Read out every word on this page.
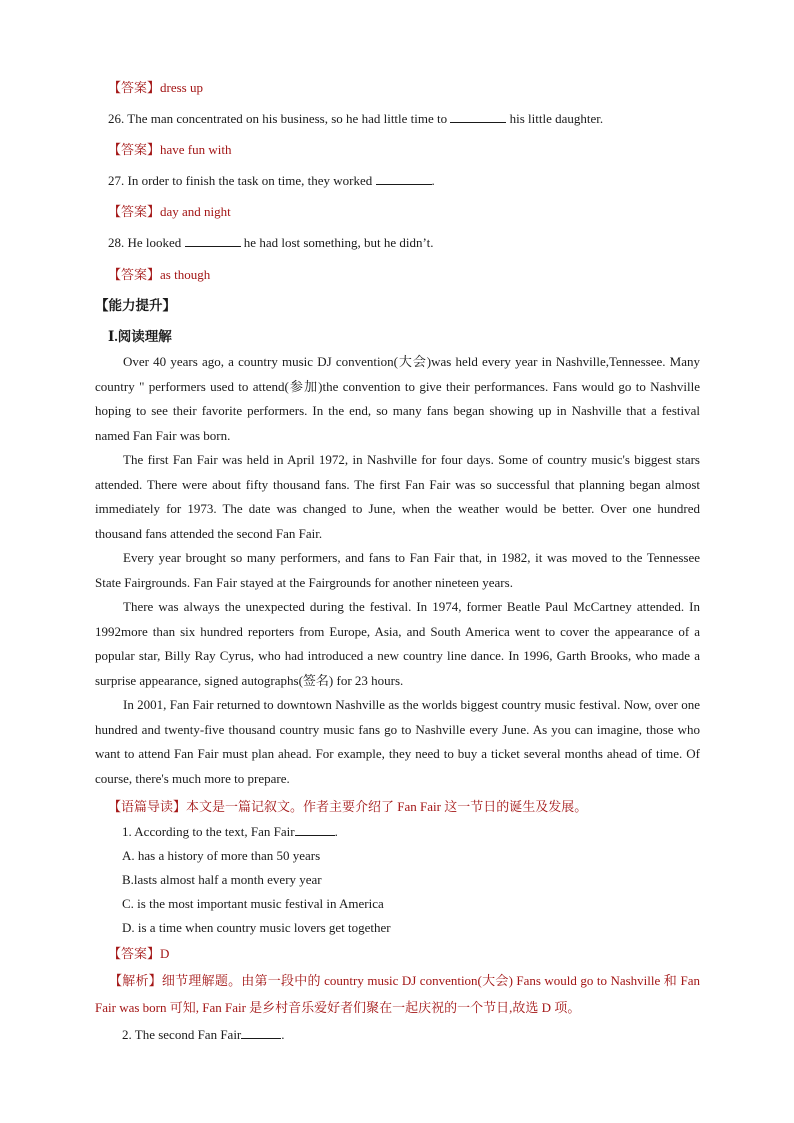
【答案】dress up
26. The man concentrated on his business, so he had little time to	his little daughter.
【答案】have fun with
27. In order to finish the task on time, they worked	.
【答案】day and night
28. He looked	he had lost something, but he didn’t.
【答案】as though
【能力提升】
Ⅰ.阅读理解

Over 40 years ago, a country music DJ convention(大会)was held every year in Nashville,Tennessee. Many country " performers used to attend(参加)the convention to give their performances. Fans would go to Nashville hoping to see their favorite performers. In the end, so many fans began showing up in Nashville that a festival named Fan Fair was born.

The first Fan Fair was held in April 1972, in Nashville for four days. Some of country music's biggest stars attended. There were about fifty thousand fans. The first Fan Fair was so successful that planning began almost immediately for 1973. The date was changed to June, when the weather would be better. Over one hundred thousand fans attended the second Fan Fair.

Every year brought so many performers, and fans to Fan Fair that, in 1982, it was moved to the Tennessee State Fairgrounds. Fan Fair stayed at the Fairgrounds for another nineteen years.

There was always the unexpected during the festival. In 1974, former Beatle Paul McCartney attended. In 1992more than six hundred reporters from Europe, Asia, and South America went to cover the appearance of a popular star, Billy Ray Cyrus, who had introduced a new country line dance. In 1996, Garth Brooks, who made a surprise appearance, signed autographs(签名) for 23 hours.

In 2001, Fan Fair returned to downtown Nashville as the worlds biggest country music festival. Now, over one hundred and twenty-five thousand country music fans go to Nashville every June. As you can imagine, those who want to attend Fan Fair must plan ahead. For example, they need to buy a ticket several months ahead of time. Of course, there's much more to prepare.

【语篇导读】本文是一篇记叙文。作者主要介绍了 Fan Fair 这一节日的诞生及发展。
1. According to the text, Fan Fair	.
A. has a history of more than 50 years
B.lasts almost half a month every year
C. is the most important music festival in America
D. is a time when country music lovers get together
【答案】D
【解析】细节理解题。由第一段中的 country music DJ convention(大会) Fans would go to Nashville 和 Fan Fair was born 可知, Fan Fair 是乡村音乐爱好者们聚在一起庆祝的一个节日,故选 D 项。
2. The second Fan Fair	.
